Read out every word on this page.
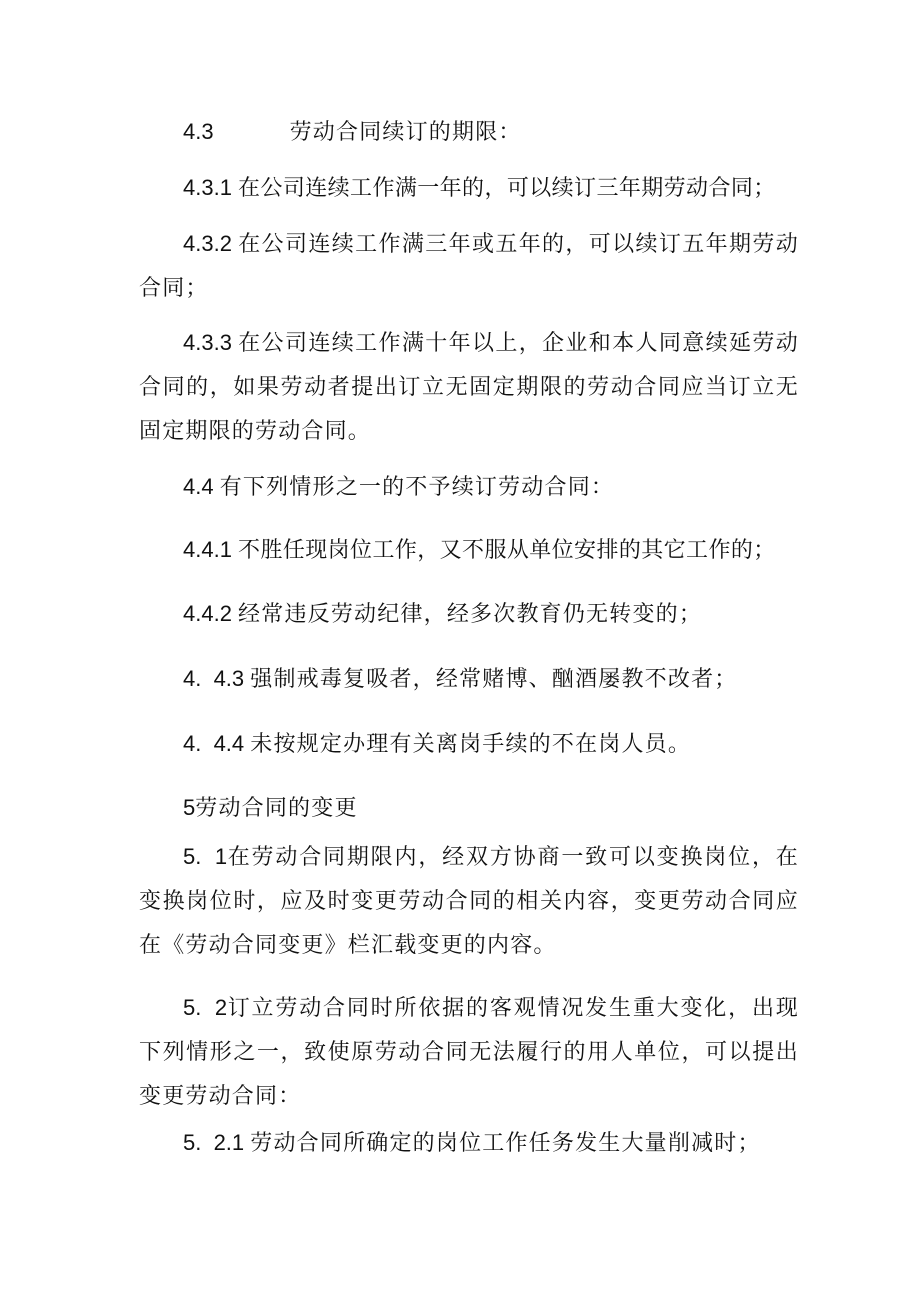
4.3	劳动合同续订的期限：
4.3.1 在公司连续工作满一年的，可以续订三年期劳动合同；
4.3.2 在公司连续工作满三年或五年的，可以续订五年期劳动合同；
4.3.3 在公司连续工作满十年以上，企业和本人同意续延劳动合同的，如果劳动者提出订立无固定期限的劳动合同应当订立无固定期限的劳动合同。
4.4 有下列情形之一的不予续订劳动合同：
4.4.1 不胜任现岗位工作，又不服从单位安排的其它工作的；
4.4.2 经常违反劳动纪律，经多次教育仍无转变的；
4.  4.3 强制戒毒复吸者，经常赌博、酗酒屡教不改者；
4.  4.4 未按规定办理有关离岗手续的不在岗人员。
5劳动合同的变更
5.  1在劳动合同期限内，经双方协商一致可以变换岗位，在变换岗位时，应及时变更劳动合同的相关内容，变更劳动合同应在《劳动合同变更》栏汇载变更的内容。
5.  2订立劳动合同时所依据的客观情况发生重大变化，出现下列情形之一，致使原劳动合同无法履行的用人单位，可以提出变更劳动合同：
5.  2.1 劳动合同所确定的岗位工作任务发生大量削减时；
